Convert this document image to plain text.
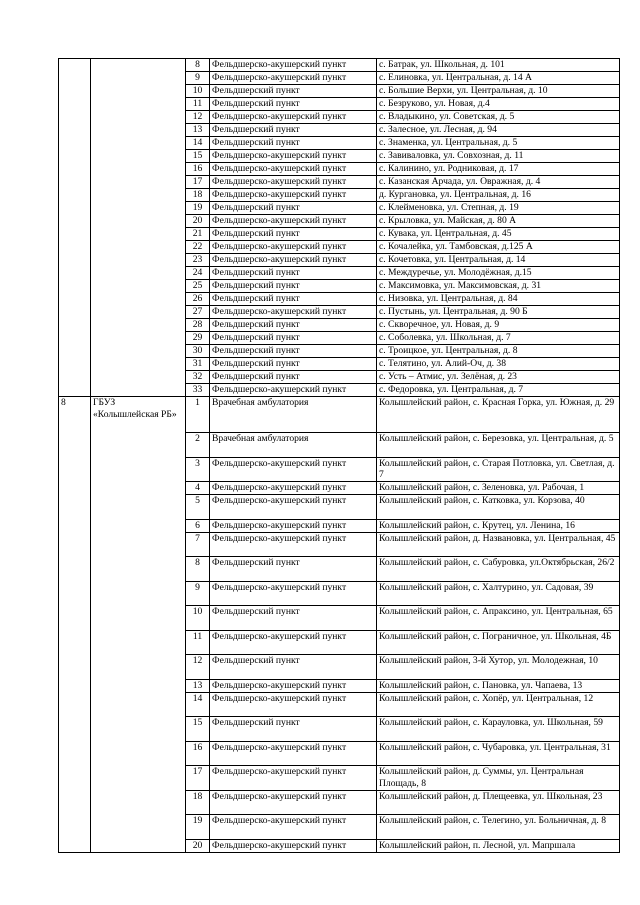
		8	Фельдшерско-акушерский пункт	с. Батрак, ул. Школьная, д. 101
		9	Фельдшерско-акушерский пункт	с. Елиновка, ул. Центральная, д. 14 А
		10	Фельдшерский пункт	с. Большие Верхи, ул. Центральная, д. 10
		11	Фельдшерский пункт	с. Безруково, ул. Новая, д.4
		12	Фельдшерско-акушерский пункт	с. Владыкино, ул. Советская, д. 5
		13	Фельдшерский пункт	с. Залесное, ул. Лесная, д. 94
		14	Фельдшерский пункт	с. Знаменка, ул. Центральная, д. 5
		15	Фельдшерско-акушерский пункт	с. Завиваловка, ул. Совхозная, д. 11
		16	Фельдшерско-акушерский пункт	с. Калинино, ул. Родниковая, д. 17
		17	Фельдшерско-акушерский пункт	с. Казанская Арчада, ул. Овражная, д. 4
		18	Фельдшерско-акушерский пункт	д. Кургановка, ул. Центральная, д. 16
		19	Фельдшерский пункт	с. Клейменовка, ул. Степная, д. 19
		20	Фельдшерско-акушерский пункт	с. Крыловка, ул. Майская, д. 80 А
		21	Фельдшерский пункт	с. Кувака, ул. Центральная, д. 45
		22	Фельдшерско-акушерский пункт	с. Кочалейка, ул. Тамбовская, д.125 А
		23	Фельдшерско-акушерский пункт	с. Кочетовка, ул. Центральная, д. 14
		24	Фельдшерский пункт	с. Междуречье, ул. Молодёжная, д.15
		25	Фельдшерский пункт	с. Максимовка, ул. Максимовская, д. 31
		26	Фельдшерский пункт	с. Низовка, ул. Центральная, д. 84
		27	Фельдшерско-акушерский пункт	с. Пустынь, ул. Центральная, д. 90 Б
		28	Фельдшерский пункт	с. Скворечное, ул. Новая, д. 9
		29	Фельдшерский пункт	с. Соболевка, ул. Школьная, д. 7
		30	Фельдшерский пункт	с. Троицкое, ул. Центральная, д. 8
		31	Фельдшерский пункт	с. Телятино, ул. Алий-Оч, д. 38
		32	Фельдшерский пункт	с. Усть – Атмис, ул. Зелёная, д. 23
		33	Фельдшерско-акушерский пункт	с. Федоровка, ул. Центральная, д. 7
8	ГБУЗ «Колышлейская РБ»	1	Врачебная амбулатория	Колышлейский район, с. Красная Горка, ул. Южная, д. 29
		2	Врачебная амбулатория	Колышлейский район, с. Березовка, ул. Центральная, д. 5
		3	Фельдшерско-акушерский пункт	Колышлейский район, с. Старая Потловка, ул. Светлая, д. 7
		4	Фельдшерско-акушерский пункт	Колышлейский район, с. Зеленовка, ул. Рабочая, 1
		5	Фельдшерско-акушерский пункт	Колышлейский район, с. Катковка, ул. Корзова, 40
		6	Фельдшерско-акушерский пункт	Колышлейский район, с. Крутец, ул. Ленина, 16
		7	Фельдшерско-акушерский пункт	Колышлейский район, д. Названовка, ул. Центральная, 45
		8	Фельдшерский пункт	Колышлейский район, с. Сабуровка, ул.Октябрьская, 26/2
		9	Фельдшерско-акушерский пункт	Колышлейский район, с. Халтурино, ул. Садовая, 39
		10	Фельдшерский пункт	Колышлейский район, с. Апраксино, ул. Центральная, 65
		11	Фельдшерско-акушерский пункт	Колышлейский район, с. Пограничное, ул. Школьная, 4Б
		12	Фельдшерский пункт	Колышлейский район, 3-й Хутор, ул. Молодежная, 10
		13	Фельдшерско-акушерский пункт	Колышлейский район, с. Пановка, ул. Чапаева, 13
		14	Фельдшерско-акушерский пункт	Колышлейский район, с. Хопёр, ул. Центральная, 12
		15	Фельдшерский пункт	Колышлейский район, с. Карауловка, ул. Школьная, 59
		16	Фельдшерско-акушерский пункт	Колышлейский район, с. Чубаровка, ул. Центральная, 31
		17	Фельдшерско-акушерский пункт	Колышлейский район, д. Суммы, ул. Центральная Площадь, 8
		18	Фельдшерско-акушерский пункт	Колышлейский район, д. Плещеевка, ул. Школьная, 23
		19	Фельдшерско-акушерский пункт	Колышлейский район, с. Телегино, ул. Больничная, д. 8
		20	Фельдшерско-акушерский пункт	Колышлейский район, п. Лесной, ул. Мапршала
